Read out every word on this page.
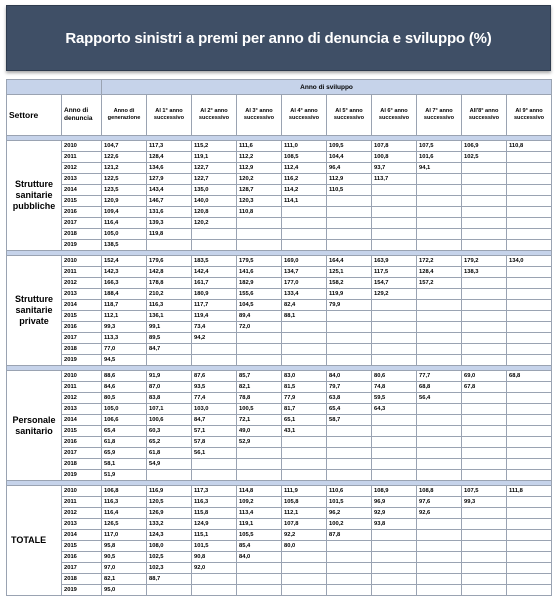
Rapporto sinistri a premi per anno di denuncia e sviluppo (%)
		Anno di sviluppo									
Settore	Anno di denuncia	Anno di generazione	Al 1° anno successivo	Al 2° anno successivo	Al 3° anno successivo	Al 4° anno successivo	Al 5° anno successivo	Al 6° anno successivo	Al 7° anno successivo	All'8° anno successivo	Al 9° anno successivo

Strutture sanitarie pubbliche	2010	104,7	117,3	115,2	111,6	111,0	109,5	107,8	107,5	106,9	110,8
	2011	122,6	128,4	119,1	112,2	108,5	104,4	100,8	101,6	102,5	
	2012	121,2	134,6	122,7	112,9	112,4	96,4	93,7	94,1		
	2013	122,5	127,9	122,7	120,2	116,2	112,9	113,7			
	2014	123,5	143,4	135,0	128,7	114,2	110,5				
	2015	120,9	146,7	140,0	120,3	114,1					
	2016	109,4	131,6	120,8	110,8						
	2017	116,4	139,3	120,2							
	2018	105,0	119,8								
	2019	138,5									

Strutture sanitarie private	2010	152,4	179,6	183,5	179,5	169,0	164,4	163,9	172,2	179,2	134,0
	2011	142,3	142,8	142,4	141,6	134,7	125,1	117,5	128,4	138,3	
	2012	166,3	178,8	161,7	182,9	177,0	158,2	154,7	157,2		
	2013	188,4	210,2	180,9	155,6	133,4	119,9	129,2			
	2014	118,7	116,3	117,7	104,5	82,4	79,9				
	2015	112,1	136,1	119,4	89,4	88,1					
	2016	99,3	99,1	73,4	72,0						
	2017	113,3	89,5	94,2							
	2018	77,0	84,7								
	2019	94,5									

Personale sanitario	2010	88,6	91,9	87,6	85,7	83,0	84,0	80,6	77,7	69,0	68,8
	2011	84,6	87,0	93,5	82,1	81,5	79,7	74,8	68,8	67,8	
	2012	80,5	83,8	77,4	78,8	77,9	63,8	59,5	56,4		
	2013	105,0	107,1	103,0	100,5	81,7	65,4	64,3			
	2014	106,6	100,6	84,7	72,1	65,1	58,7				
	2015	65,4	60,3	57,1	49,0	43,1					
	2016	61,8	65,2	57,8	52,9						
	2017	65,9	61,8	56,1							
	2018	58,1	54,9								
	2019	51,9									

TOTALE	2010	106,8	116,9	117,3	114,8	111,9	110,6	108,9	108,8	107,5	111,8
	2011	116,3	120,5	116,3	109,2	105,8	101,5	96,9	97,6	99,3	
	2012	116,4	126,9	115,8	113,4	112,1	96,2	92,9	92,6		
	2013	126,5	133,2	124,9	119,1	107,8	100,2	93,8			
	2014	117,0	124,3	115,1	105,5	92,2	87,8				
	2015	95,8	108,0	101,5	85,4	80,0					
	2016	90,5	102,5	90,8	84,0						
	2017	97,0	102,3	92,0							
	2018	82,1	88,7								
	2019	95,0									
